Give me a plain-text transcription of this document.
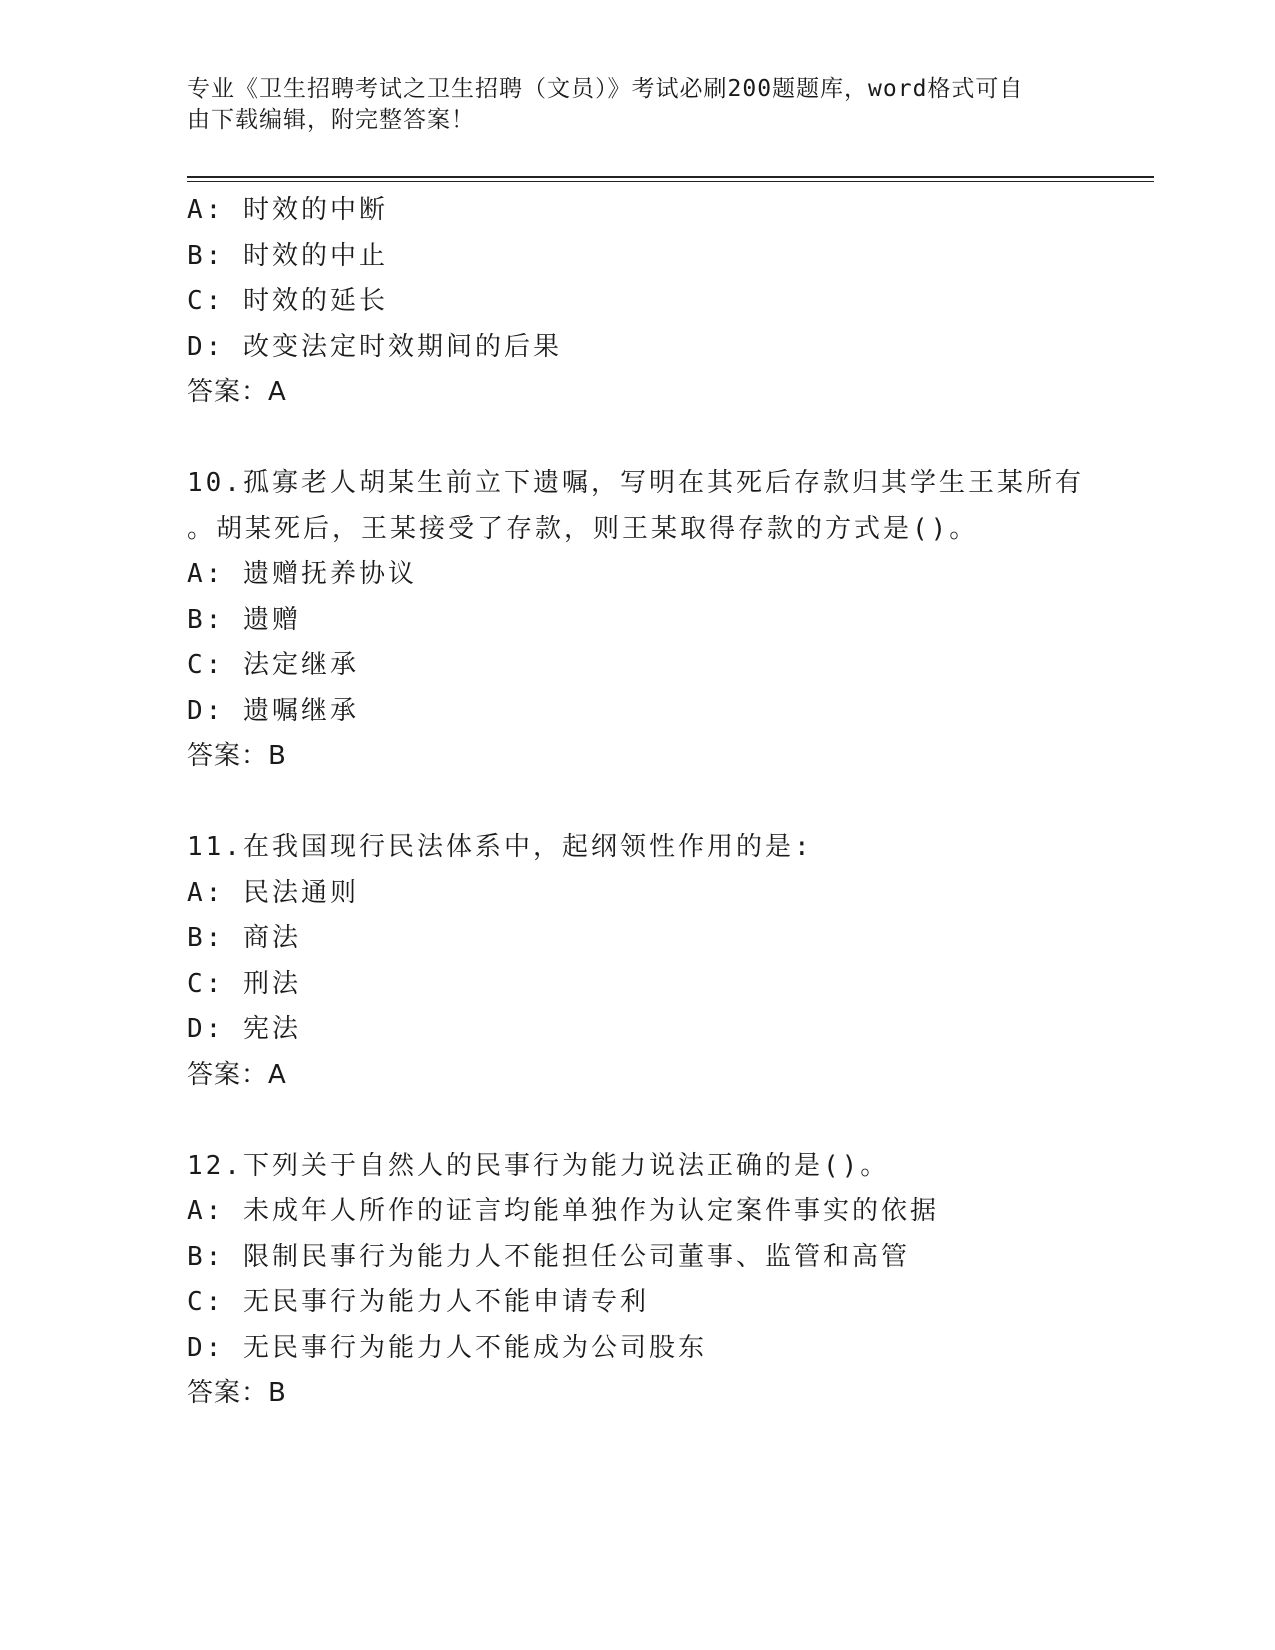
专业《卫生招聘考试之卫生招聘（文员）》考试必刷200题题库，word格式可自
由下载编辑，附完整答案！
A: 时效的中断
B: 时效的中止
C: 时效的延长
D: 改变法定时效期间的后果
答案：A
10.孤寡老人胡某生前立下遗嘱，写明在其死后存款归其学生王某所有
。胡某死后，王某接受了存款，则王某取得存款的方式是()。
A: 遗赠抚养协议
B: 遗赠
C: 法定继承
D: 遗嘱继承
答案：B
11.在我国现行民法体系中，起纲领性作用的是:
A: 民法通则
B: 商法
C: 刑法
D: 宪法
答案：A
12.下列关于自然人的民事行为能力说法正确的是()。
A: 未成年人所作的证言均能单独作为认定案件事实的依据
B: 限制民事行为能力人不能担任公司董事、监管和高管
C: 无民事行为能力人不能申请专利
D: 无民事行为能力人不能成为公司股东
答案：B
